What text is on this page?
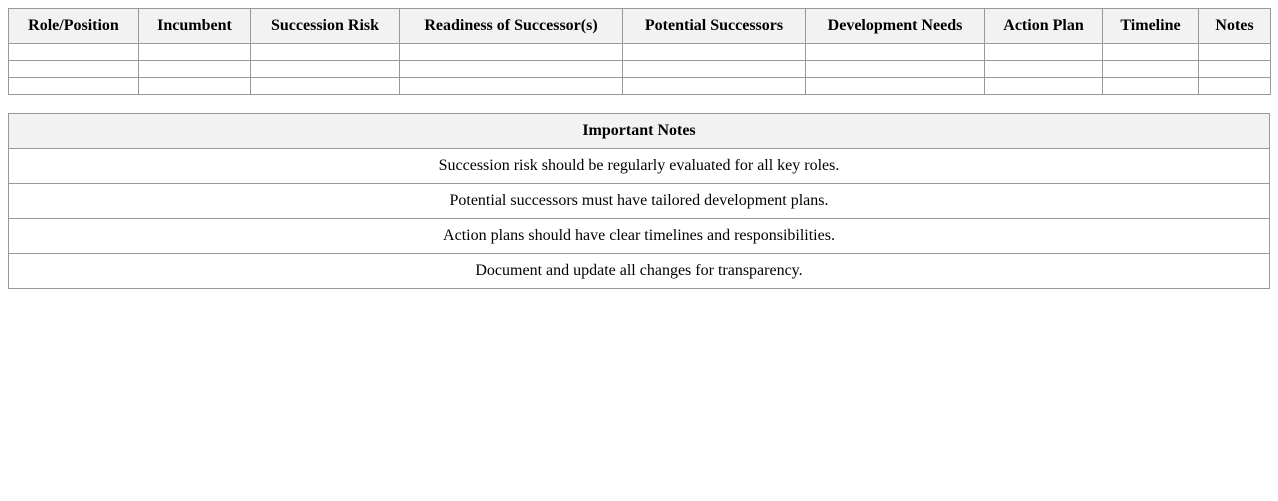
Role/Position	Incumbent	Succession Risk	Readiness of Successor(s)	Potential Successors	Development Needs	Action Plan	Timeline	Notes

Important Notes
Succession risk should be regularly evaluated for all key roles.
Potential successors must have tailored development plans.
Action plans should have clear timelines and responsibilities.
Document and update all changes for transparency.
